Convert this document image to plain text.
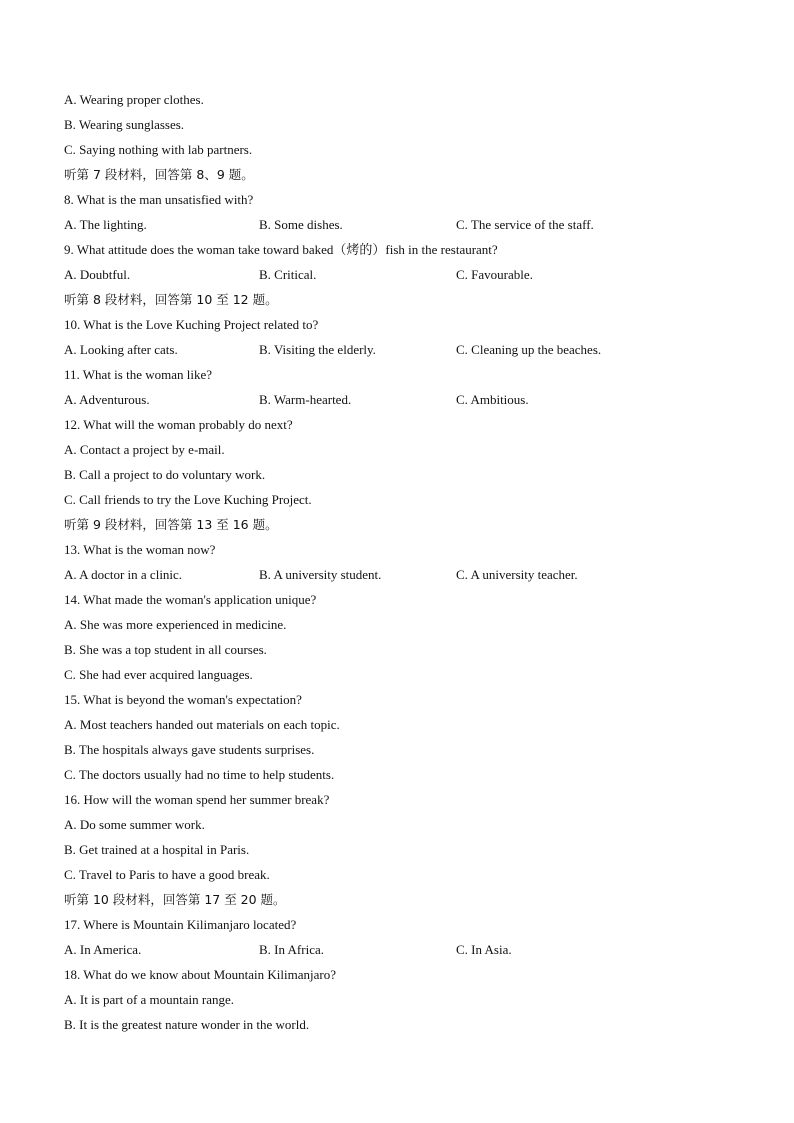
A. Wearing proper clothes.
B. Wearing sunglasses.
C. Saying nothing with lab partners.
听第 7 段材料，回答第 8、9 题。
8. What is the man unsatisfied with?
A. The lighting.	B. Some dishes.	C. The service of the staff.
9. What attitude does the woman take toward baked（烤的）fish in the restaurant?
A. Doubtful.	B. Critical.	C. Favourable.
听第 8 段材料，回答第 10 至 12 题。
10. What is the Love Kuching Project related to?
A. Looking after cats.	B. Visiting the elderly.	C. Cleaning up the beaches.
11. What is the woman like?
A. Adventurous.	B. Warm-hearted.	C. Ambitious.
12. What will the woman probably do next?
A. Contact a project by e-mail.
B. Call a project to do voluntary work.
C. Call friends to try the Love Kuching Project.
听第 9 段材料，回答第 13 至 16 题。
13. What is the woman now?
A. A doctor in a clinic.	B. A university student.	C. A university teacher.
14. What made the woman's application unique?
A. She was more experienced in medicine.
B. She was a top student in all courses.
C. She had ever acquired languages.
15. What is beyond the woman's expectation?
A. Most teachers handed out materials on each topic.
B. The hospitals always gave students surprises.
C. The doctors usually had no time to help students.
16. How will the woman spend her summer break?
A. Do some summer work.
B. Get trained at a hospital in Paris.
C. Travel to Paris to have a good break.
听第 10 段材料，回答第 17 至 20 题。
17. Where is Mountain Kilimanjaro located?
A. In America.	B. In Africa.	C. In Asia.
18. What do we know about Mountain Kilimanjaro?
A. It is part of a mountain range.
B. It is the greatest nature wonder in the world.
